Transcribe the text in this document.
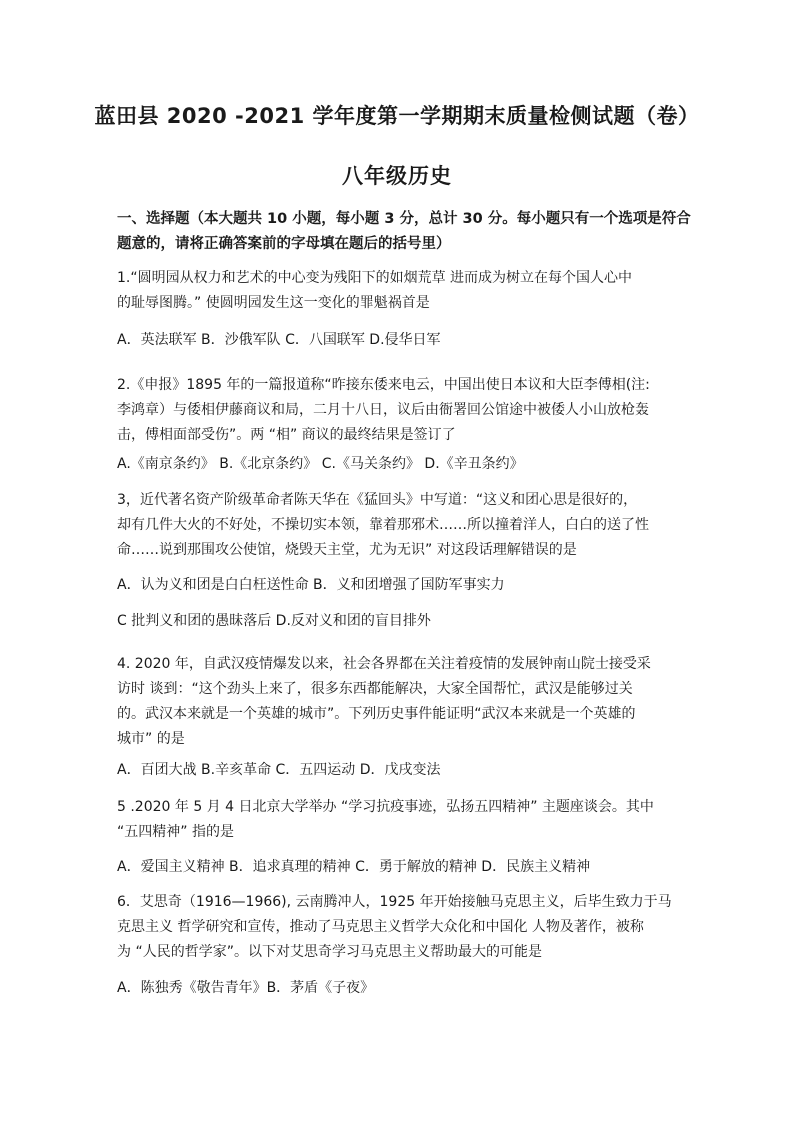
蓝田县 2020 -2021 学年度第一学期期末质量检侧试题（卷）
八年级历史
一、选择题（本大题共 10 小题，每小题 3 分，总计 30 分。每小题只有一个选项是符合
题意的，请将正确答案前的字母填在题后的括号里）
1.“圆明园从权力和艺术的中心变为残阳下的如烟荒草 进而成为树立在每个国人心中
的耻辱图腾。” 使圆明园发生这一变化的罪魁祸首是
A．英法联军 B．沙俄军队 C．八国联军 D.侵华日军
2.《申报》1895 年的一篇报道称“昨接东倭来电云，中国出使日本议和大臣李傅相(注:
李鸿章）与倭相伊藤商议和局，二月十八日，议后由衙署回公馆途中被倭人小山放枪轰
击，傅相面部受伤”。两 “相” 商议的最终结果是签订了
A.《南京条约》 B.《北京条约》 C.《马关条约》 D.《辛丑条约》
3，近代著名资产阶级革命者陈天华在《猛回头》中写道：“这义和团心思是很好的，
却有几件大火的不好处，不操切实本领，靠着那邪术……所以撞着洋人，白白的送了性
命……说到那围攻公使馆，烧毁天主堂，尤为无识” 对这段话理解错误的是
A．认为义和团是白白枉送性命 B．义和团增强了国防军事实力
C 批判义和团的愚昧落后 D.反对义和团的盲目排外
4. 2020 年，自武汉疫情爆发以来，社会各界都在关注着疫情的发展钟南山院士接受采
访时 谈到：“这个劲头上来了，很多东西都能解决，大家全国帮忙，武汉是能够过关
的。武汉本来就是一个英雄的城市”。下列历史事件能证明“武汉本来就是一个英雄的
城市” 的是
A．百团大战 B.辛亥革命 C．五四运动 D．戊戌变法
5 .2020 年 5 月 4 日北京大学举办 “学习抗疫事迹，弘扬五四精神” 主题座谈会。其中
“五四精神” 指的是
A．爱国主义精神 B．追求真理的精神 C．勇于解放的精神 D．民族主义精神
6．艾思奇（1916—1966), 云南腾冲人，1925 年开始接触马克思主义，后毕生致力于马
克思主义 哲学研究和宣传，推动了马克思主义哲学大众化和中国化 人物及著作，被称
为 “人民的哲学家”。以下对艾思奇学习马克思主义帮助最大的可能是
A．陈独秀《敬告青年》B．茅盾《子夜》
